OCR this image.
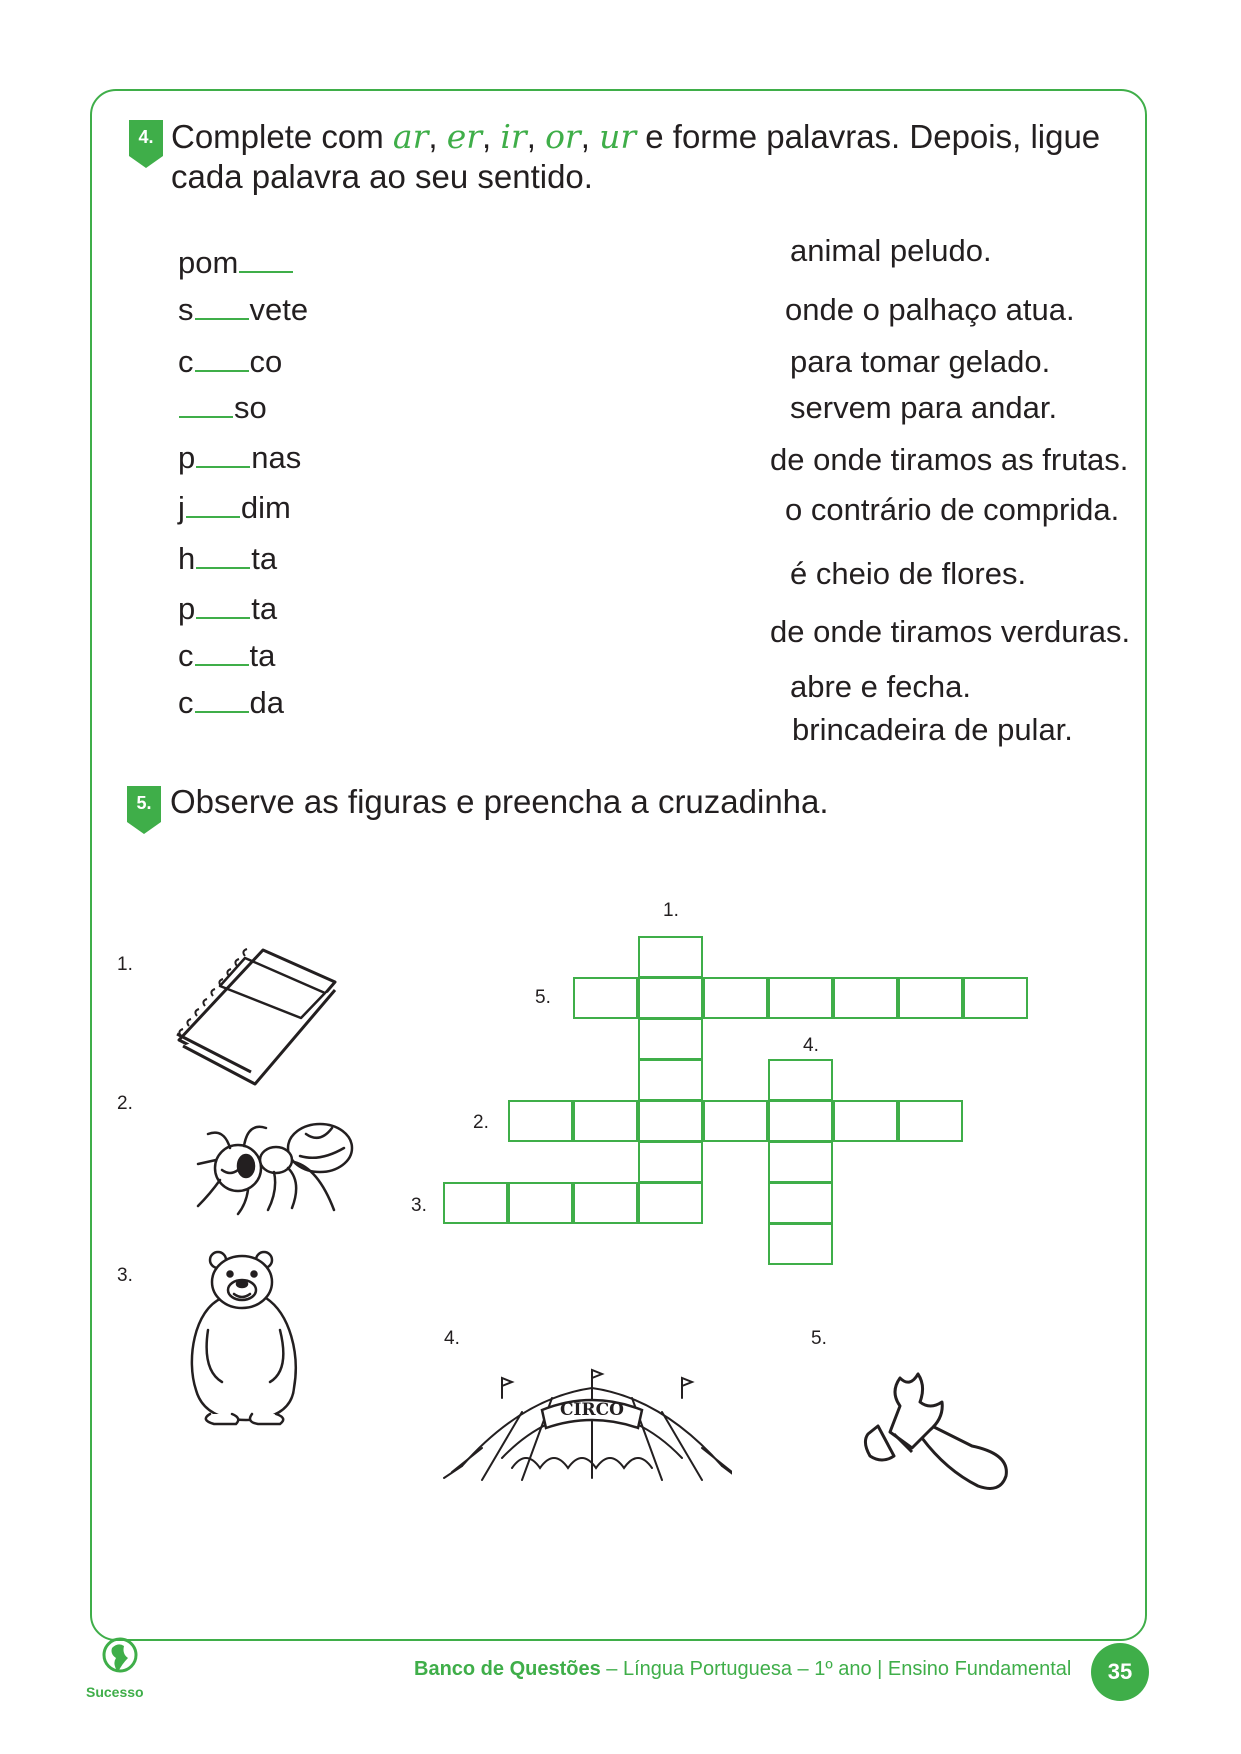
4. Complete com ar, er, ir, or, ur e forme palavras. Depois, ligue
cada palavra ao seu sentido.
pom
s vete
c co
so
p nas
j dim
h ta
p ta
c ta
c da
animal peludo.
onde o palhaço atua.
para tomar gelado.
servem para andar.
de onde tiramos as frutas.
o contrário de comprida.
é cheio de flores.
de onde tiramos verduras.
abre e fecha.
brincadeira de pular.
5. Observe as figuras e preencha a cruzadinha.
1.
2.
3.
4.	5.
CIRCO
1.
5.
4.
2.
3.
Sucesso
Banco de Questões – Língua Portuguesa – 1º ano | Ensino Fundamental	35
